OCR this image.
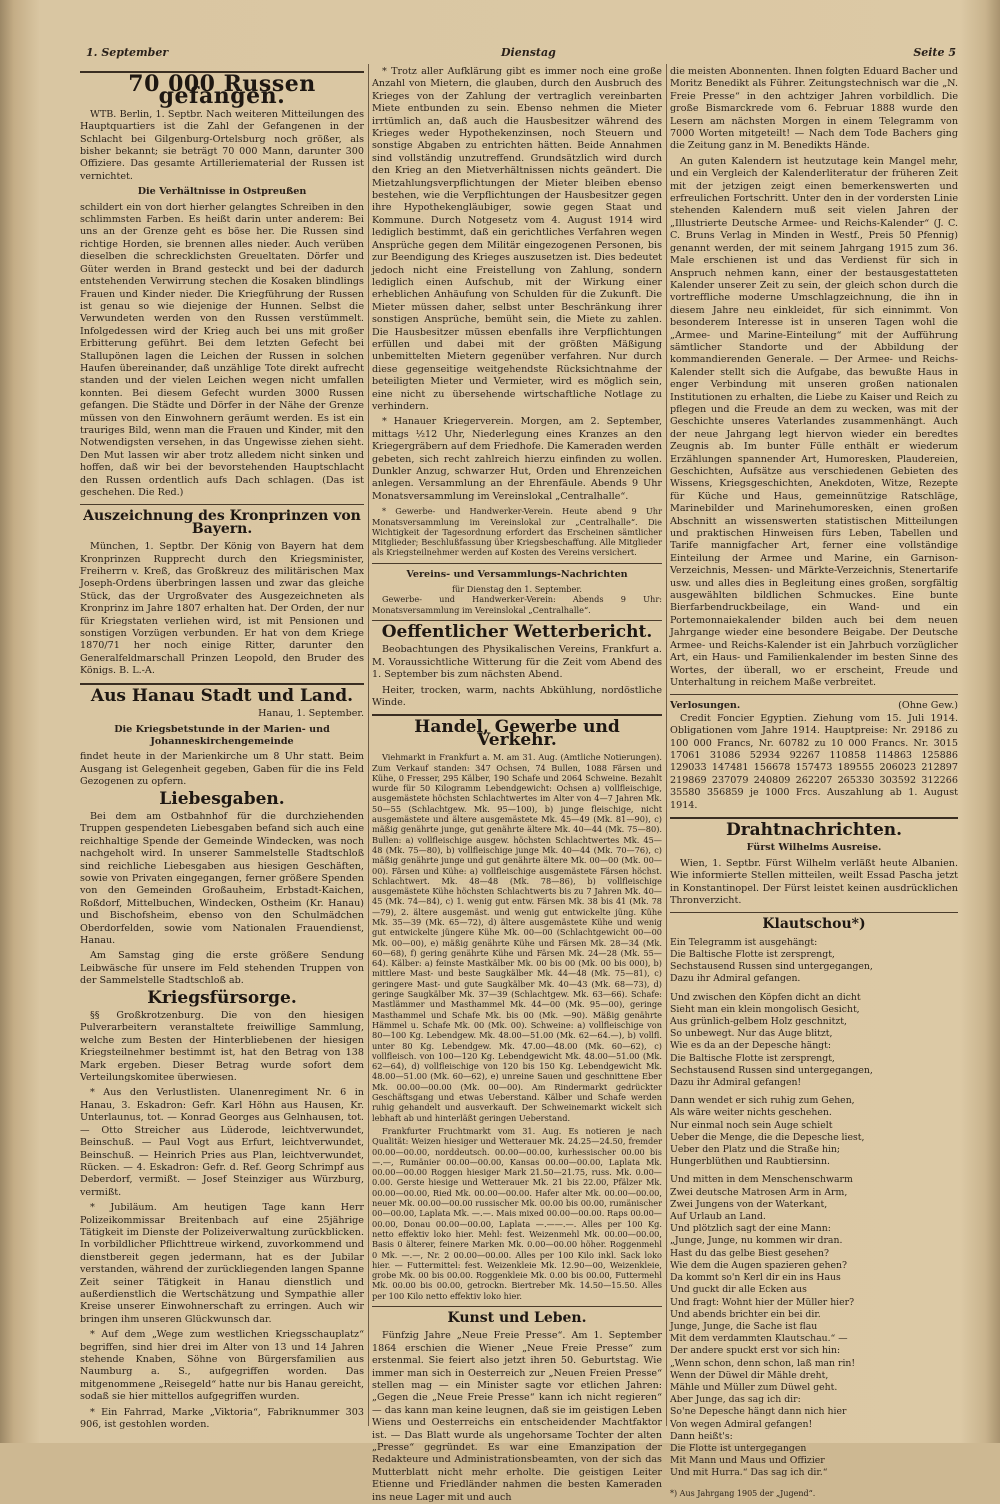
1. September	Dienstag	Seite 5
70 000 Russen gefangen.

WTB. Berlin, 1. Septbr. Nach weiteren Mitteilungen des Hauptquartiers ist die Zahl der Gefangenen in der Schlacht bei Gilgenburg-Ortelsburg noch größer, als bisher bekannt; sie beträgt 70 000 Mann, darunter 300 Offiziere. Das gesamte Artilleriematerial der Russen ist vernichtet.

Die Verhältnisse in Ostpreußen

schildert ein von dort hierher gelangtes Schreiben in den schlimmsten Farben. Es heißt darin unter anderem: Bei uns an der Grenze geht es böse her. Die Russen sind richtige Horden, sie brennen alles nieder. Auch verüben dieselben die schrecklichsten Greueltaten. Dörfer und Güter werden in Brand gesteckt und bei der dadurch entstehenden Verwirrung stechen die Kosaken blindlings Frauen und Kinder nieder. Die Kriegführung der Russen ist genau so wie diejenige der Hunnen. Selbst die Verwundeten werden von den Russen verstümmelt. Infolgedessen wird der Krieg auch bei uns mit großer Erbitterung geführt. Bei dem letzten Gefecht bei Stallupönen lagen die Leichen der Russen in solchen Haufen übereinander, daß unzählige Tote direkt aufrecht standen und der vielen Leichen wegen nicht umfallen konnten. Bei diesem Gefecht wurden 3000 Russen gefangen. Die Städte und Dörfer in der Nähe der Grenze müssen von den Einwohnern geräumt werden. Es ist ein trauriges Bild, wenn man die Frauen und Kinder, mit den Notwendigsten versehen, in das Ungewisse ziehen sieht. Den Mut lassen wir aber trotz alledem nicht sinken und hoffen, daß wir bei der bevorstehenden Hauptschlacht den Russen ordentlich aufs Dach schlagen. (Das ist geschehen. Die Red.)

Auszeichnung des Kronprinzen von Bayern.

München, 1. Septbr. Der König von Bayern hat dem Kronprinzen Rupprecht durch den Kriegsminister, Freiherrn v. Kreß, das Großkreuz des militärischen Max Joseph-Ordens überbringen lassen und zwar das gleiche Stück, das der Urgroßvater des Ausgezeichneten als Kronprinz im Jahre 1807 erhalten hat. Der Orden, der nur für Kriegstaten verliehen wird, ist mit Pensionen und sonstigen Vorzügen verbunden. Er hat von dem Kriege 1870/71 her noch einige Ritter, darunter den Generalfeldmarschall Prinzen Leopold, den Bruder des Königs. B. L.-A.

Aus Hanau Stadt und Land.
Hanau, 1. September.
Die Kriegsbetstunde in der Marien- und Johanneskirchengemeinde

findet heute in der Marienkirche um 8 Uhr statt. Beim Ausgang ist Gelegenheit gegeben, Gaben für die ins Feld Gezogenen zu opfern.

Liebesgaben.

Bei dem am Ostbahnhof für die durchziehenden Truppen gespendeten Liebesgaben befand sich auch eine reichhaltige Spende der Gemeinde Windecken, was noch nachgeholt wird. In unserer Sammelstelle Stadtschloß sind reichliche Liebesgaben aus hiesigen Geschäften, sowie von Privaten eingegangen, ferner größere Spenden von den Gemeinden Großauheim, Erbstadt-Kaichen, Roßdorf, Mittelbuchen, Windecken, Ostheim (Kr. Hanau) und Bischofsheim, ebenso von den Schulmädchen Oberdorfelden, sowie vom Nationalen Frauendienst, Hanau.

Am Samstag ging die erste größere Sendung Leibwäsche für unsere im Feld stehenden Truppen von der Sammelstelle Stadtschloß ab.

Kriegsfürsorge.

§§ Großkrotzenburg. Die von den hiesigen Pulverarbeitern veranstaltete freiwillige Sammlung, welche zum Besten der Hinterbliebenen der hiesigen Kriegsteilnehmer bestimmt ist, hat den Betrag von 138 Mark ergeben. Dieser Betrag wurde sofort dem Verteilungskomitee überwiesen.

* Aus den Verlustlisten. Ulanenregiment Nr. 6 in Hanau, 3. Eskadron: Gefr. Karl Höhn aus Hausen, Kr. Unterlaunus, tot. — Konrad Georges aus Gelnhausen, tot. — Otto Streicher aus Lüderode, leichtverwundet, Beinschuß. — Paul Vogt aus Erfurt, leichtverwundet, Beinschuß. — Heinrich Pries aus Plan, leichtverwundet, Rücken. — 4. Eskadron: Gefr. d. Ref. Georg Schrimpf aus Deberdorf, vermißt. — Josef Steinziger aus Würzburg, vermißt.

* Jubiläum. Am heutigen Tage kann Herr Polizeikommissar Breitenbach auf eine 25jährige Tätigkeit im Dienste der Polizeiverwaltung zurückblicken. In vorbildlicher Pflichttreue wirkend, zuvorkommend und dienstbereit gegen jedermann, hat es der Jubilar verstanden, während der zurückliegenden langen Spanne Zeit seiner Tätigkeit in Hanau dienstlich und außerdienstlich die Wertschätzung und Sympathie aller Kreise unserer Einwohnerschaft zu erringen. Auch wir bringen ihm unseren Glückwunsch dar.

* Auf dem „Wege zum westlichen Kriegsschauplatz“ begriffen, sind hier drei im Alter von 13 und 14 Jahren stehende Knaben, Söhne von Bürgersfamilien aus Naumburg a. S., aufgegriffen worden. Das mitgenommene „Reisegeld“ hatte nur bis Hanau gereicht, sodaß sie hier mittellos aufgegriffen wurden.

* Ein Fahrrad, Marke „Viktoria“, Fabriknummer 303 906, ist gestohlen worden.

* Trotz aller Aufklärung gibt es immer noch eine große Anzahl von Mietern, die glauben, durch den Ausbruch des Krieges von der Zahlung der vertraglich vereinbarten Miete entbunden zu sein. Ebenso nehmen die Mieter irrtümlich an, daß auch die Hausbesitzer während des Krieges weder Hypothekenzinsen, noch Steuern und sonstige Abgaben zu entrichten hätten. Beide Annahmen sind vollständig unzutreffend. Grundsätzlich wird durch den Krieg an den Mietverhältnissen nichts geändert. Die Mietzahlungsverpflichtungen der Mieter bleiben ebenso bestehen, wie die Verpflichtungen der Hausbesitzer gegen ihre Hypothekengläubiger, sowie gegen Staat und Kommune. Durch Notgesetz vom 4. August 1914 wird lediglich bestimmt, daß ein gerichtliches Verfahren wegen Ansprüche gegen dem Militär eingezogenen Personen, bis zur Beendigung des Krieges auszusetzen ist. Dies bedeutet jedoch nicht eine Freistellung von Zahlung, sondern lediglich einen Aufschub, mit der Wirkung einer erheblichen Anhäufung von Schulden für die Zukunft. Die Mieter müssen daher, selbst unter Beschränkung ihrer sonstigen Ansprüche, bemüht sein, die Miete zu zahlen. Die Hausbesitzer müssen ebenfalls ihre Verpflichtungen erfüllen und dabei mit der größten Mäßigung unbemittelten Mietern gegenüber verfahren. Nur durch diese gegenseitige weitgehendste Rücksichtnahme der beteiligten Mieter und Vermieter, wird es möglich sein, eine nicht zu übersehende wirtschaftliche Notlage zu verhindern.

* Hanauer Kriegerverein. Morgen, am 2. September, mittags ½12 Uhr, Niederlegung eines Kranzes an den Kriegergräbern auf dem Friedhofe. Die Kameraden werden gebeten, sich recht zahlreich hierzu einfinden zu wollen. Dunkler Anzug, schwarzer Hut, Orden und Ehrenzeichen anlegen. Versammlung an der Ehrenfäule. Abends 9 Uhr Monatsversammlung im Vereinslokal „Centralhalle“.

* Gewerbe- und Handwerker-Verein. Heute abend 9 Uhr Monatsversammlung im Vereinslokal zur „Centralhalle“. Die Wichtigkeit der Tagesordnung erfordert das Erscheinen sämtlicher Mitglieder; Beschlußfassung über Kriegsbeschaffung. Alle Mitglieder als Kriegsteilnehmer werden auf Kosten des Vereins versichert.

Vereins- und Versammlungs-Nachrichten
für Dienstag den 1. September.

Gewerbe- und Handwerker-Verein: Abends 9 Uhr: Monatsversammlung im Vereinslokal „Centralhalle“.

Oeffentlicher Wetterbericht.

Beobachtungen des Physikalischen Vereins, Frankfurt a. M. Voraussichtliche Witterung für die Zeit vom Abend des 1. September bis zum nächsten Abend.

Heiter, trocken, warm, nachts Abkühlung, nordöstliche Winde.

Handel, Gewerbe und Verkehr.

Viehmarkt in Frankfurt a. M. am 31. Aug. (Amtliche Notierungen). Zum Verkauf standen: 347 Ochsen, 74 Bullen, 1088 Färsen und Kühe, 0 Fresser, 295 Kälber, 190 Schafe und 2064 Schweine. Bezahlt wurde für 50 Kilogramm Lebendgewicht: Ochsen a) vollfleischige, ausgemästete höchsten Schlachtwertes im Alter von 4—7 Jahren Mk. 50—55 (Schlachtgew. Mk. 95—100), b) junge fleischige, nicht ausgemästete und ältere ausgemästete Mk. 45—49 (Mk. 81—90), c) mäßig genährte junge, gut genährte ältere Mk. 40—44 (Mk. 75—80). Bullen: a) vollfleischige ausgew. höchsten Schlachtwertes Mk. 45—48 (Mk. 75—80), b) vollfleischige junge Mk. 40—44 (Mk. 70—76), c) mäßig genährte junge und gut genährte ältere Mk. 00—00 (Mk. 00—00). Färsen und Kühe: a) vollfleischige ausgemästete Färsen höchst. Schlachtwert. Mk. 48—48 (Mk. 78—86), b) vollfleischige ausgemästete Kühe höchsten Schlachtwerts bis zu 7 Jahren Mk. 40—45 (Mk. 74—84), c) 1. wenig gut entw. Färsen Mk. 38 bis 41 (Mk. 78—79), 2. ältere ausgemäst. und wenig gut entwickelte jüng. Kühe Mk. 35—39 (Mk. 65—72), d) ältere ausgemästete Kühe und wenig gut entwickelte jüngere Kühe Mk. 00—00 (Schlachtgewicht 00—00 Mk. 00—00), e) mäßig genährte Kühe und Färsen Mk. 28—34 (Mk. 60—68), f) gering genährte Kühe und Färsen Mk. 24—28 (Mk. 55—64). Kälber: a) feinste Mastkälber Mk. 00 bis 00 (Mk. 00 bis 000), b) mittlere Mast- und beste Saugkälber Mk. 44—48 (Mk. 75—81), c) geringere Mast- und gute Saugkälber Mk. 40—43 (Mk. 68—73), d) geringe Saugkälber Mk. 37—39 (Schlachtgew. Mk. 63—66). Schafe: Mastlämmer und Masthammel Mk. 44—00 (Mk. 95—00), geringe Masthammel und Schafe Mk. bis 00 (Mk. —90). Mäßig genährte Hämmel u. Schafe Mk. 00 (Mk. 00). Schweine: a) vollfleischige von 80—100 Kg. Lebendgew. Mk. 48.00—51.00 (Mk. 62—64.—), b) vollfl. unter 80 Kg. Lebendgew. Mk. 47.00—48.00 (Mk. 60—62), c) vollfleisch. von 100—120 Kg. Lebendgewicht Mk. 48.00—51.00 (Mk. 62—64), d) vollfleischige von 120 bis 150 Kg. Lebendgewicht Mk. 48.00—51.00 (Mk. 60—62), e) unreine Sauen und geschnittene Eber Mk. 00.00—00.00 (Mk. 00—00). Am Rindermarkt gedrückter Geschäftsgang und etwas Ueberstand. Kälber und Schafe werden ruhig gehandelt und ausverkauft. Der Schweinemarkt wickelt sich lebhaft ab und hinterläßt geringen Ueberstand.

Frankfurter Fruchtmarkt vom 31. Aug. Es notieren je nach Qualität: Weizen hiesiger und Wetterauer Mk. 24.25—24.50, fremder 00.00—00.00, norddeutsch. 00.00—00.00, kurhessischer 00.00 bis —.—, Rumänier 00.00—00.00, Kansas 00.00—00.00, Laplata Mk. 00.00—00.00 Roggen hiesiger Mark 21.50—21.75, russ. Mk. 0.00—0.00. Gerste hiesige und Wetterauer Mk. 21 bis 22.00, Pfälzer Mk. 00.00—00.00, Ried Mk. 00.00—00.00. Hafer alter Mk. 00.00—00.00, neuer Mk. 00.00—00.00 russischer Mk. 00.00 bis 00.00, rumänischer 00—00.00, Laplata Mk. —.—. Mais mixed 00.00—00.00. Raps 00.00—00.00, Donau 00.00—00.00, Laplata —.——.—. Alles per 100 Kg. netto effektiv loko hier. Mehl: fest. Weizenmehl Mk. 00.00—00.00, Basis 0 älterer, feinere Marken Mk. 0.00—00.00 höher. Roggenmehl 0 Mk. —.—, Nr. 2 00.00—00.00. Alles per 100 Kilo inkl. Sack loko hier. — Futtermittel: fest. Weizenkleie Mk. 12.90—00, Weizenkleie, grobe Mk. 00 bis 00.00. Roggenkleie Mk. 0.00 bis 00.00, Futtermehl Mk. 00.00 bis 00.00, getrockn. Biertreber Mk. 14.50—15.50. Alles per 100 Kilo netto effektiv loko hier.

Kunst und Leben.

Fünfzig Jahre „Neue Freie Presse“. Am 1. September 1864 erschien die Wiener „Neue Freie Presse“ zum erstenmal. Sie feiert also jetzt ihren 50. Geburtstag. Wie immer man sich in Oesterreich zur „Neuen Freien Presse“ stellen mag — ein Minister sagte vor etlichen Jahren: „Gegen die „Neue Freie Presse“ kann ich nicht regieren“ — das kann man keine leugnen, daß sie im geistigen Leben Wiens und Oesterreichs ein entscheidender Machtfaktor ist. — Das Blatt wurde als ungehorsame Tochter der alten „Presse“ gegründet. Es war eine Emanzipation der Redakteure und Administrationsbeamten, von der sich das Mutterblatt nicht mehr erholte. Die geistigen Leiter Etienne und Friedländer nahmen die besten Kameraden ins neue Lager mit und auch

die meisten Abonnenten. Ihnen folgten Eduard Bacher und Moritz Benedikt als Führer. Zeitungstechnisch war die „N. Freie Presse“ in den achtziger Jahren vorbildlich. Die große Bismarckrede vom 6. Februar 1888 wurde den Lesern am nächsten Morgen in einem Telegramm von 7000 Worten mitgeteilt! — Nach dem Tode Bachers ging die Zeitung ganz in M. Benedikts Hände.

An guten Kalendern ist heutzutage kein Mangel mehr, und ein Vergleich der Kalenderliteratur der früheren Zeit mit der jetzigen zeigt einen bemerkenswerten und erfreulichen Fortschritt. Unter den in der vordersten Linie stehenden Kalendern muß seit vielen Jahren der „Illustrierte Deutsche Armee- und Reichs-Kalender“ (J. C. C. Bruns Verlag in Minden in Westf., Preis 50 Pfennig) genannt werden, der mit seinem Jahrgang 1915 zum 36. Male erschienen ist und das Verdienst für sich in Anspruch nehmen kann, einer der bestausgestatteten Kalender unserer Zeit zu sein, der gleich schon durch die vortreffliche moderne Umschlagzeichnung, die ihn in diesem Jahre neu einkleidet, für sich einnimmt. Von besonderem Interesse ist in unseren Tagen wohl die „Armee- und Marine-Einteilung“ mit der Aufführung sämtlicher Standorte und der Abbildung der kommandierenden Generale. — Der Armee- und Reichs-Kalender stellt sich die Aufgabe, das bewußte Haus in enger Verbindung mit unseren großen nationalen Institutionen zu erhalten, die Liebe zu Kaiser und Reich zu pflegen und die Freude an dem zu wecken, was mit der Geschichte unseres Vaterlandes zusammenhängt. Auch der neue Jahrgang legt hiervon wieder ein beredtes Zeugnis ab. Im bunter Fülle enthält er wiederum Erzählungen spannender Art, Humoresken, Plaudereien, Geschichten, Aufsätze aus verschiedenen Gebieten des Wissens, Kriegsgeschichten, Anekdoten, Witze, Rezepte für Küche und Haus, gemeinnützige Ratschläge, Marinebilder und Marinehumoresken, einen großen Abschnitt an wissenswerten statistischen Mitteilungen und praktischen Hinweisen fürs Leben, Tabellen und Tarife mannigfacher Art, ferner eine vollständige Einteilung der Armee und Marine, ein Garnison-Verzeichnis, Messen- und Märkte-Verzeichnis, Stenertarife usw. und alles dies in Begleitung eines großen, sorgfältig ausgewählten bildlichen Schmuckes. Eine bunte Bierfarbendruckbeilage, ein Wand- und ein Portemonnaiekalender bilden auch bei dem neuen Jahrgange wieder eine besondere Beigabe. Der Deutsche Armee- und Reichs-Kalender ist ein Jahrbuch vorzüglicher Art, ein Haus- und Familienkalender im besten Sinne des Wortes, der überall, wo er erscheint, Freude und Unterhaltung in reichem Maße verbreitet.

Verlosungen.	(Ohne Gew.)

Credit Foncier Egyptien. Ziehung vom 15. Juli 1914. Obligationen vom Jahre 1914. Hauptpreise: Nr. 29186 zu 100 000 Francs, Nr. 60782 zu 10 000 Francs. Nr. 3015 17061 31086 52934 92267 110858 114863 125886 129033 147481 156678 157473 189555 206023 212897 219869 237079 240809 262207 265330 303592 312266 35580 356859 je 1000 Frcs. Auszahlung ab 1. August 1914.

Drahtnachrichten.
Fürst Wilhelms Ausreise.

Wien, 1. Septbr. Fürst Wilhelm verläßt heute Albanien. Wie informierte Stellen mitteilen, weilt Essad Pascha jetzt in Konstantinopel. Der Fürst leistet keinen ausdrücklichen Thronverzicht.

Klautschou*)

Ein Telegramm ist ausgehängt:

Die Baltische Flotte ist zersprengt,

Sechstausend Russen sind untergegangen,

Dazu ihr Admiral gefangen.

Und zwischen den Köpfen dicht an dicht

Sieht man ein klein mongolisch Gesicht,

Aus grünlich-gelbem Holz geschnitzt,

So unbewegt. Nur das Auge blitzt,

Wie es da an der Depesche hängt:

Die Baltische Flotte ist zersprengt,

Sechstausend Russen sind untergegangen,

Dazu ihr Admiral gefangen!

Dann wendet er sich ruhig zum Gehen,

Als wäre weiter nichts geschehen.

Nur einmal noch sein Auge schielt

Ueber die Menge, die die Depesche liest,

Ueber den Platz und die Straße hin;

Hungerblüthen und Raubtiersinn.

Und mitten in dem Menschenschwarm

Zwei deutsche Matrosen Arm in Arm,

Zwei Jungens von der Waterkant,

Auf Urlaub an Land.

Und plötzlich sagt der eine Mann:

„Junge, Junge, nu kommen wir dran.

Hast du das gelbe Biest gesehen?

Wie dem die Augen spazieren gehen?

Da kommt so'n Kerl dir ein ins Haus

Und guckt dir alle Ecken aus

Und fragt: Wohnt hier der Müller hier?

Und abends brichter ein bei dir.

Junge, Junge, die Sache ist flau

Mit dem verdammten Klautschau.“ —

Der andere spuckt erst vor sich hin:

„Wenn schon, denn schon, laß man rin!

Wenn der Düwel dir Mähle dreht,

Mähle und Müller zum Düwel geht.

Aber Junge, das sag ich dir:

So'ne Depesche hängt dann nich hier

Von wegen Admiral gefangen!

Dann heißt's:

Die Flotte ist untergegangen

Mit Mann und Maus und Offizier

Und mit Hurra.“ Das sag ich dir.“

*) Aus Jahrgang 1905 der „Jugend“.
